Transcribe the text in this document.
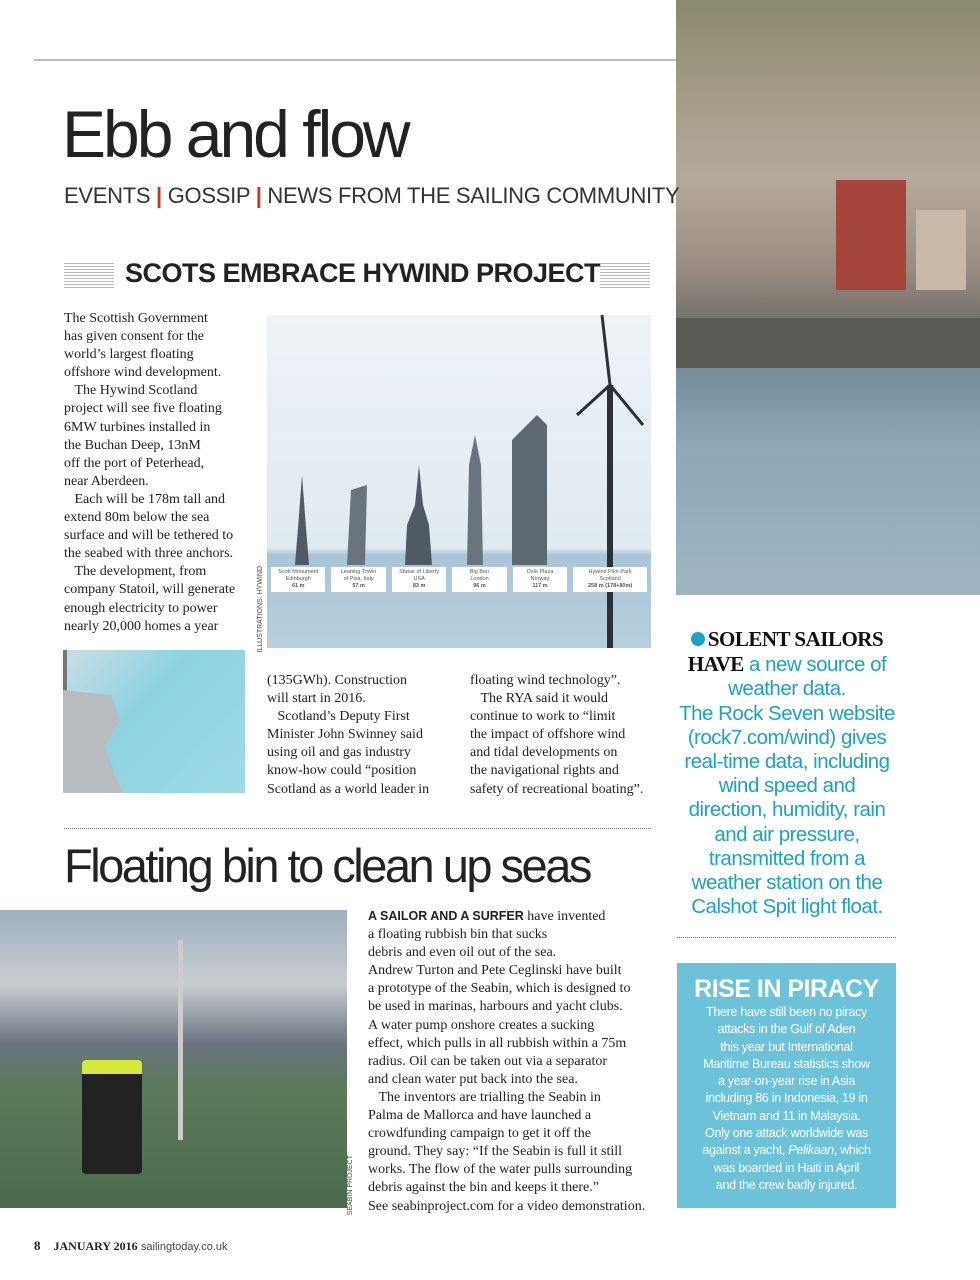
Ebb and flow
EVENTS | GOSSIP | NEWS FROM THE SAILING COMMUNITY
SCOTS EMBRACE HYWIND PROJECT
The Scottish Government
has given consent for the
world’s largest floating
offshore wind development.
The Hywind Scotland
project will see five floating
6MW turbines installed in
the Buchan Deep, 13nM
off the port of Peterhead,
near Aberdeen.
Each will be 178m tall and
extend 80m below the sea
surface and will be tethered to
the seabed with three anchors.
The development, from
company Statoil, will generate
enough electricity to power
nearly 20,000 homes a year
Scott Monument
Edinburgh
61 m
Leaning Tower
of Pisa, Italy
57 m
Statue of Liberty
USA
83 m
Big Ben
London
96 m
Oslo Plaza
Norway
117 m
Hywind Pilot Park
Scotland
258 m (178+80m)
ILLUSTRATIONS: HYWIND
(135GWh). Construction
will start in 2016.
Scotland’s Deputy First
Minister John Swinney said
using oil and gas industry
know-how could “position
Scotland as a world leader in
floating wind technology”.
The RYA said it would
continue to work to “limit
the impact of offshore wind
and tidal developments on
the navigational rights and
safety of recreational boating”.
Floating bin to clean up seas
SEABIN PROJECT
A SAILOR AND A SURFER have invented
a floating rubbish bin that sucks
debris and even oil out of the sea.
Andrew Turton and Pete Ceglinski have built
a prototype of the Seabin, which is designed to
be used in marinas, harbours and yacht clubs.
A water pump onshore creates a sucking
effect, which pulls in all rubbish within a 75m
radius. Oil can be taken out via a separator
and clean water put back into the sea.
The inventors are trialling the Seabin in
Palma de Mallorca and have launched a
crowdfunding campaign to get it off the
ground. They say: “If the Seabin is full it still
works. The flow of the water pulls surrounding
debris against the bin and keeps it there.”
See seabinproject.com for a video demonstration.
SOLENT SAILORS
HAVE a new source of
weather data.
The Rock Seven website
(rock7.com/wind) gives
real-time data, including
wind speed and
direction, humidity, rain
and air pressure,
transmitted from a
weather station on the
Calshot Spit light float.
RISE IN PIRACY
There have still been no piracy
attacks in the Gulf of Aden
this year but International
Maritime Bureau statistics show
a year-on-year rise in Asia
including 86 in Indonesia, 19 in
Vietnam and 11 in Malaysia.
Only one attack worldwide was
against a yacht, Pelikaan, which
was boarded in Haiti in April
and the crew badly injured.
8 JANUARY 2016 sailingtoday.co.uk
